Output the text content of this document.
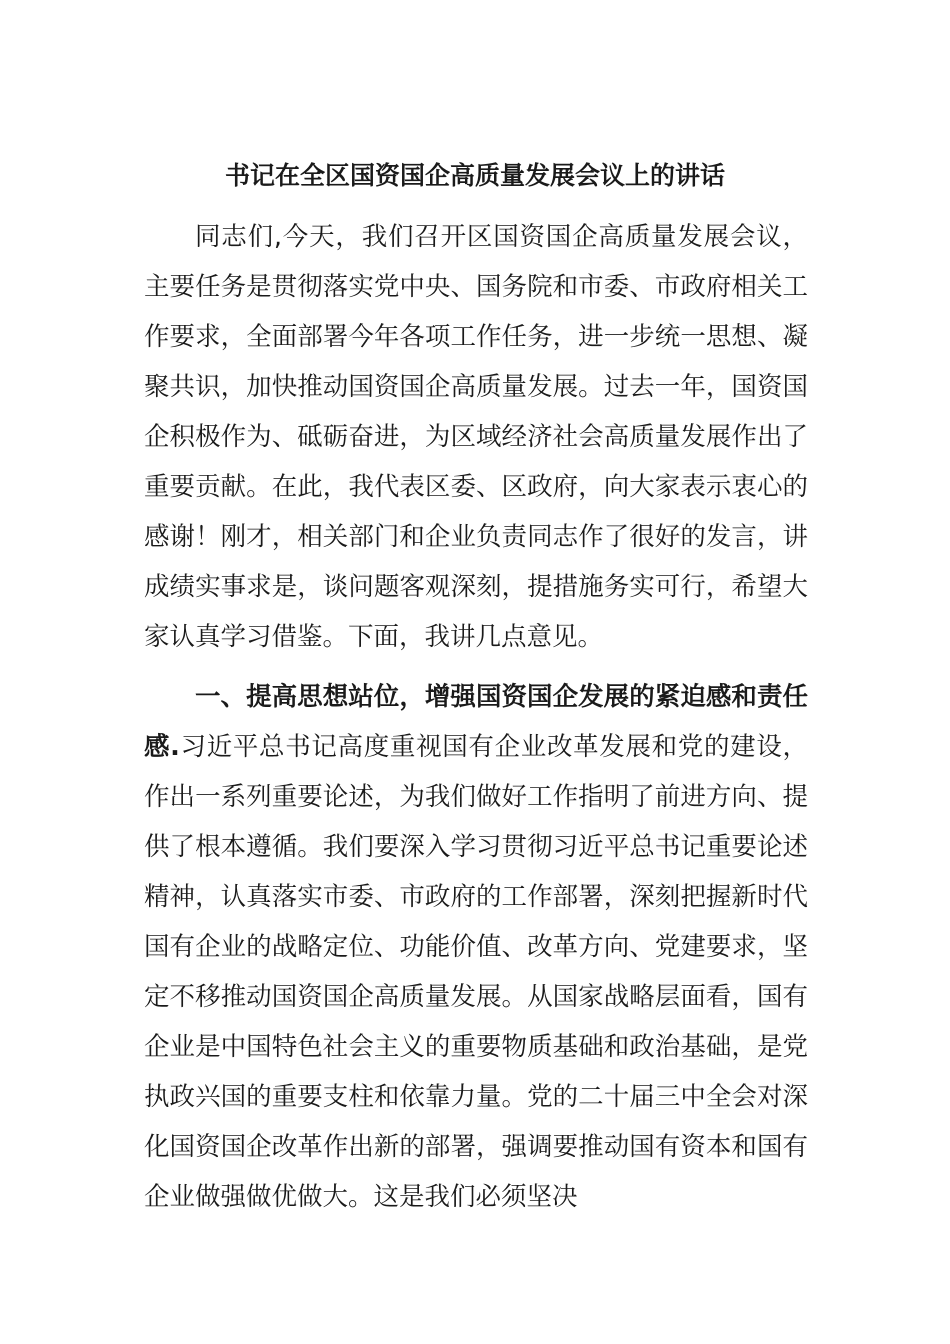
书记在全区国资国企高质量发展会议上的讲话

同志们,今天，我们召开区国资国企高质量发展会议，主要任务是贯彻落实党中央、国务院和市委、市政府相关工作要求，全面部署今年各项工作任务，进一步统一思想、凝聚共识，加快推动国资国企高质量发展。过去一年，国资国企积极作为、砥砺奋进，为区域经济社会高质量发展作出了重要贡献。在此，我代表区委、区政府，向大家表示衷心的感谢！刚才，相关部门和企业负责同志作了很好的发言，讲成绩实事求是，谈问题客观深刻，提措施务实可行，希望大家认真学习借鉴。下面，我讲几点意见。

一、提高思想站位，增强国资国企发展的紧迫感和责任感.习近平总书记高度重视国有企业改革发展和党的建设，作出一系列重要论述，为我们做好工作指明了前进方向、提供了根本遵循。我们要深入学习贯彻习近平总书记重要论述精神，认真落实市委、市政府的工作部署，深刻把握新时代国有企业的战略定位、功能价值、改革方向、党建要求，坚定不移推动国资国企高质量发展。从国家战略层面看，国有企业是中国特色社会主义的重要物质基础和政治基础，是党执政兴国的重要支柱和依靠力量。党的二十届三中全会对深化国资国企改革作出新的部署，强调要推动国有资本和国有企业做强做优做大。这是我们必须坚决
